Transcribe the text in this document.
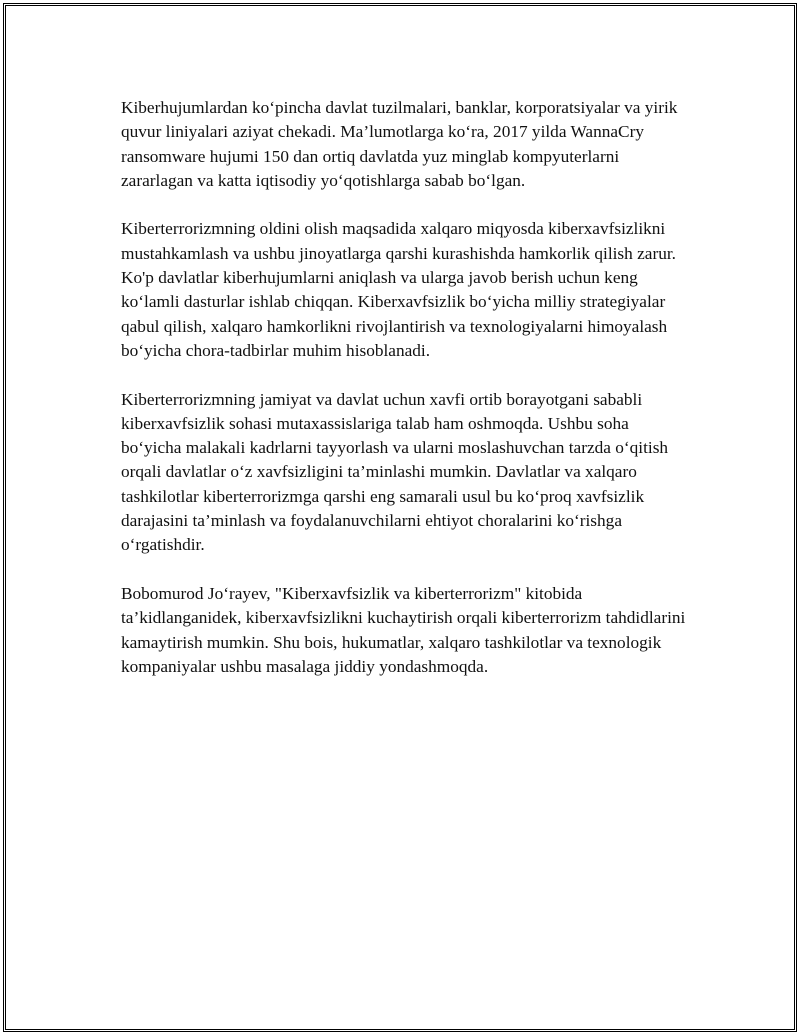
Kiberhujumlardan ko‘pincha davlat tuzilmalari, banklar, korporatsiyalar va yirik quvur liniyalari aziyat chekadi. Ma’lumotlarga ko‘ra, 2017 yilda WannaCry ransomware hujumi 150 dan ortiq davlatda yuz minglab kompyuterlarni zararlagan va katta iqtisodiy yo‘qotishlarga sabab bo‘lgan.

Kiberterrorizmning oldini olish maqsadida xalqaro miqyosda kiberxavfsizlikni mustahkamlash va ushbu jinoyatlarga qarshi kurashishda hamkorlik qilish zarur. Ko'p davlatlar kiberhujumlarni aniqlash va ularga javob berish uchun keng ko‘lamli dasturlar ishlab chiqqan. Kiberxavfsizlik bo‘yicha milliy strategiyalar qabul qilish, xalqaro hamkorlikni rivojlantirish va texnologiyalarni himoyalash bo‘yicha chora-tadbirlar muhim hisoblanadi.

Kiberterrorizmning jamiyat va davlat uchun xavfi ortib borayotgani sababli kiberxavfsizlik sohasi mutaxassislariga talab ham oshmoqda. Ushbu soha bo‘yicha malakali kadrlarni tayyorlash va ularni moslashuvchan tarzda o‘qitish orqali davlatlar o‘z xavfsizligini ta’minlashi mumkin. Davlatlar va xalqaro tashkilotlar kiberterrorizmga qarshi eng samarali usul bu ko‘proq xavfsizlik darajasini ta’minlash va foydalanuvchilarni ehtiyot choralarini ko‘rishga o‘rgatishdir.

Bobomurod Jo‘rayev, "Kiberxavfsizlik va kiberterrorizm" kitobida ta’kidlanganidek, kiberxavfsizlikni kuchaytirish orqali kiberterrorizm tahdidlarini kamaytirish mumkin. Shu bois, hukumatlar, xalqaro tashkilotlar va texnologik kompaniyalar ushbu masalaga jiddiy yondashmoqda.
